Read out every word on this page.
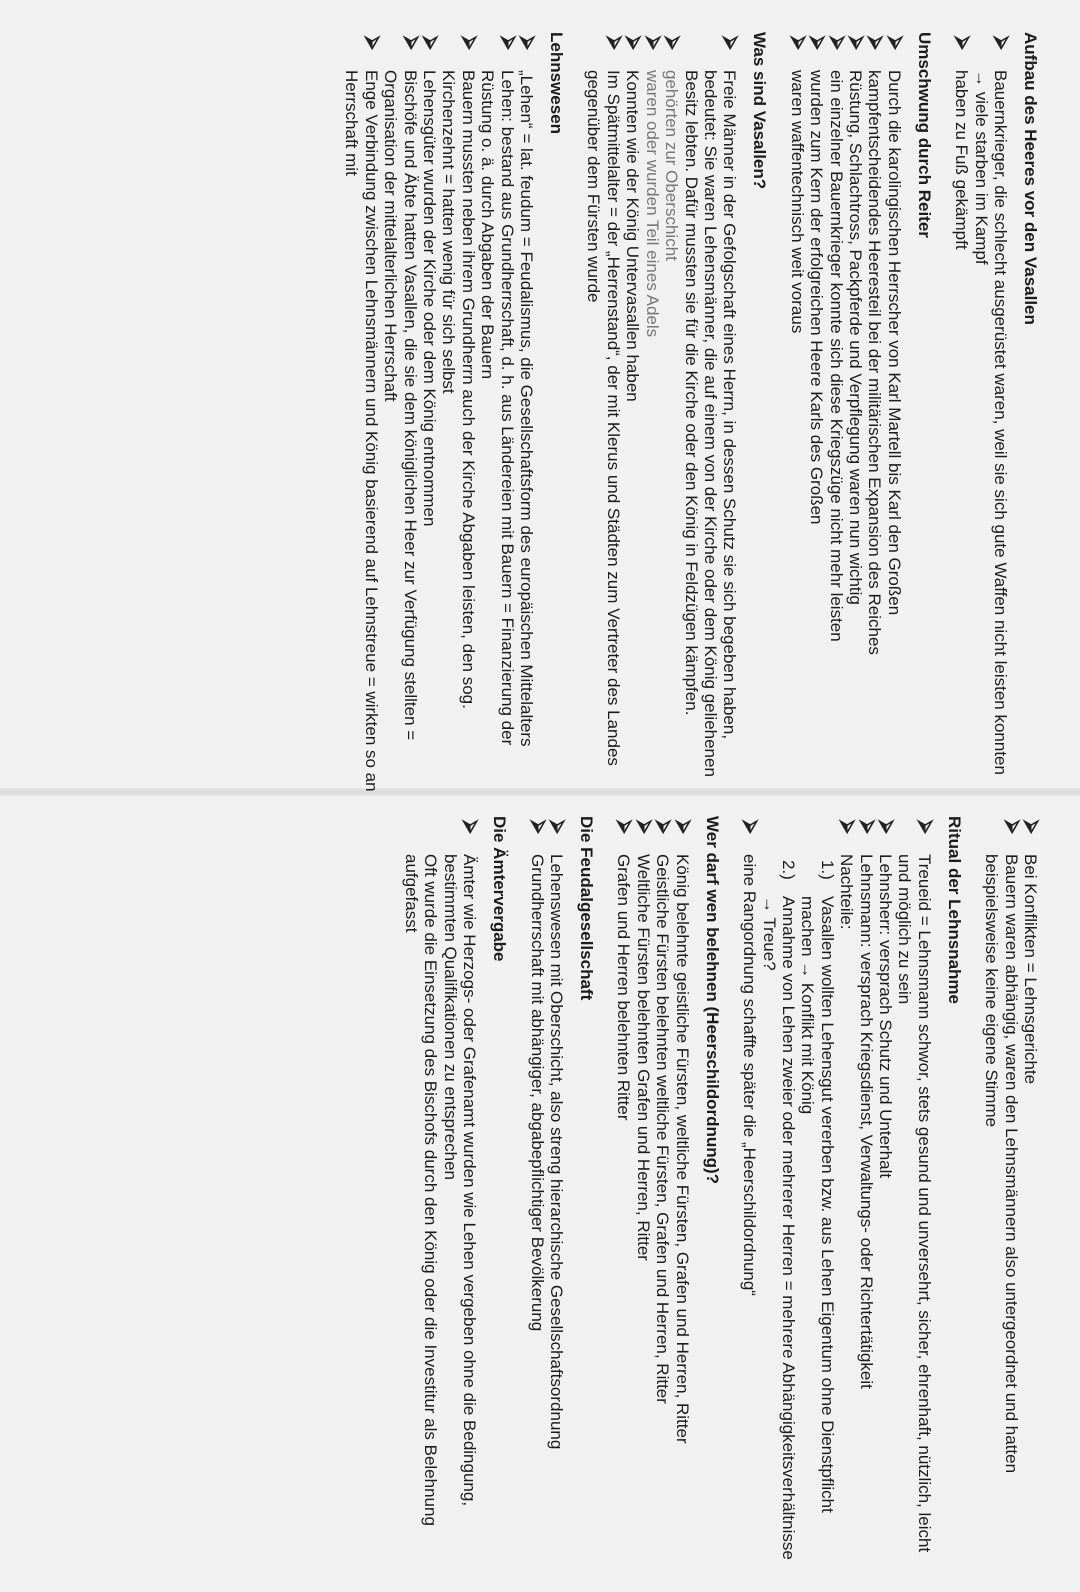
Aufbau des Heeres vor den Vasallen
⮚
Bauernkrieger, die schlecht ausgerüstet waren, weil sie sich gute Waffen nicht leisten konnten → viele starben im Kampf
⮚
haben zu Fuß gekämpft
Umschwung durch Reiter
⮚
Durch die karolingischen Herrscher von Karl Martell bis Karl den Großen
⮚
kampfentscheidendes Heeresteil bei der militärischen Expansion des Reiches
⮚
Rüstung, Schlachtross, Packpferde und Verpflegung waren nun wichtig
⮚
ein einzelner Bauernkrieger konnte sich diese Kriegszüge nicht mehr leisten
⮚
wurden zum Kern der erfolgreichen Heere Karls des Großen
⮚
waren waffentechnisch weit voraus
Was sind Vasallen?
⮚
Freie Männer in der Gefolgschaft eines Herrn, in dessen Schutz sie sich begeben haben, bedeutet: Sie waren Lehensmänner, die auf einem von der Kirche oder dem König geliehenen Besitz lebten. Dafür mussten sie für die Kirche oder den König in Feldzügen kämpfen.
⮚
gehörten zur Oberschicht
⮚
waren oder wurden Teil eines Adels
⮚
Konnten wie der König Untervasallen haben
⮚
Im Spätmittelalter = der „Herrenstand“, der mit Klerus und Städten zum Vertreter des Landes gegenüber dem Fürsten wurde
Lehnswesen
⮚
„Lehen“ = lat. feudum = Feudalismus, die Gesellschaftsform des europäischen Mittelalters
⮚
Lehen: bestand aus Grundherrschaft, d. h. aus Ländereien mit Bauern = Finanzierung der Rüstung o. ä. durch Abgaben der Bauern
⮚
Bauern mussten neben ihrem Grundherrn auch der Kirche Abgaben leisten, den sog. Kirchenzehnt = hatten wenig für sich selbst
⮚
Lehensgüter wurden der Kirche oder dem König entnommen
⮚
Bischöfe und Äbte hatten Vasallen, die sie dem königlichen Heer zur Verfügung stellten = Organisation der mittelalterlichen Herrschaft
⮚
Enge Verbindung zwischen Lehnsmännern und König basierend auf Lehnstreue = wirkten so an Herrschaft mit
⮚
Bei Konflikten = Lehnsgerichte
⮚
Bauern waren abhängig, waren den Lehnsmännern also untergeordnet und hatten beispielsweise keine eigene Stimme
Ritual der Lehnsnahme
⮚
Treueid = Lehnsmann schwor, stets gesund und unversehrt, sicher, ehrenhaft, nützlich, leicht und möglich zu sein
⮚
Lehnsherr: versprach Schutz und Unterhalt
⮚
Lehnsmann: versprach Kriegsdienst, Verwaltungs- oder Richtertätigkeit
⮚
Nachteile:
1.)
Vasallen wollten Lehensgut vererben bzw. aus Lehen Eigentum ohne Dienstpflicht machen → Konflikt mit König
2.)
Annahme von Lehen zweier oder mehrerer Herren = mehrere Abhängigkeitsverhältnisse → Treue?
⮚
eine Rangordnung schaffte später die „Heerschildordnung“
Wer darf wen belehnen (Heerschildordnung)?
⮚
König belehnte geistliche Fürsten, weltliche Fürsten, Grafen und Herren, Ritter
⮚
Geistliche Fürsten belehnten weltliche Fürsten, Grafen und Herren, Ritter
⮚
Weltliche Fürsten belehnten Grafen und Herren, Ritter
⮚
Grafen und Herren belehnten Ritter
Die Feudalgesellschaft
⮚
Lehenswesen mit Oberschicht, also streng hierarchische Gesellschaftsordnung
⮚
Grundherrschaft mit abhängiger, abgabepflichtiger Bevölkerung
Die Ämtervergabe
⮚
Ämter wie Herzogs- oder Grafenamt wurden wie Lehen vergeben ohne die Bedingung, bestimmten Qualifikationen zu entsprechen
Oft wurde die Einsetzung des Bischofs durch den König oder die Investitur als Belehnung aufgefasst
